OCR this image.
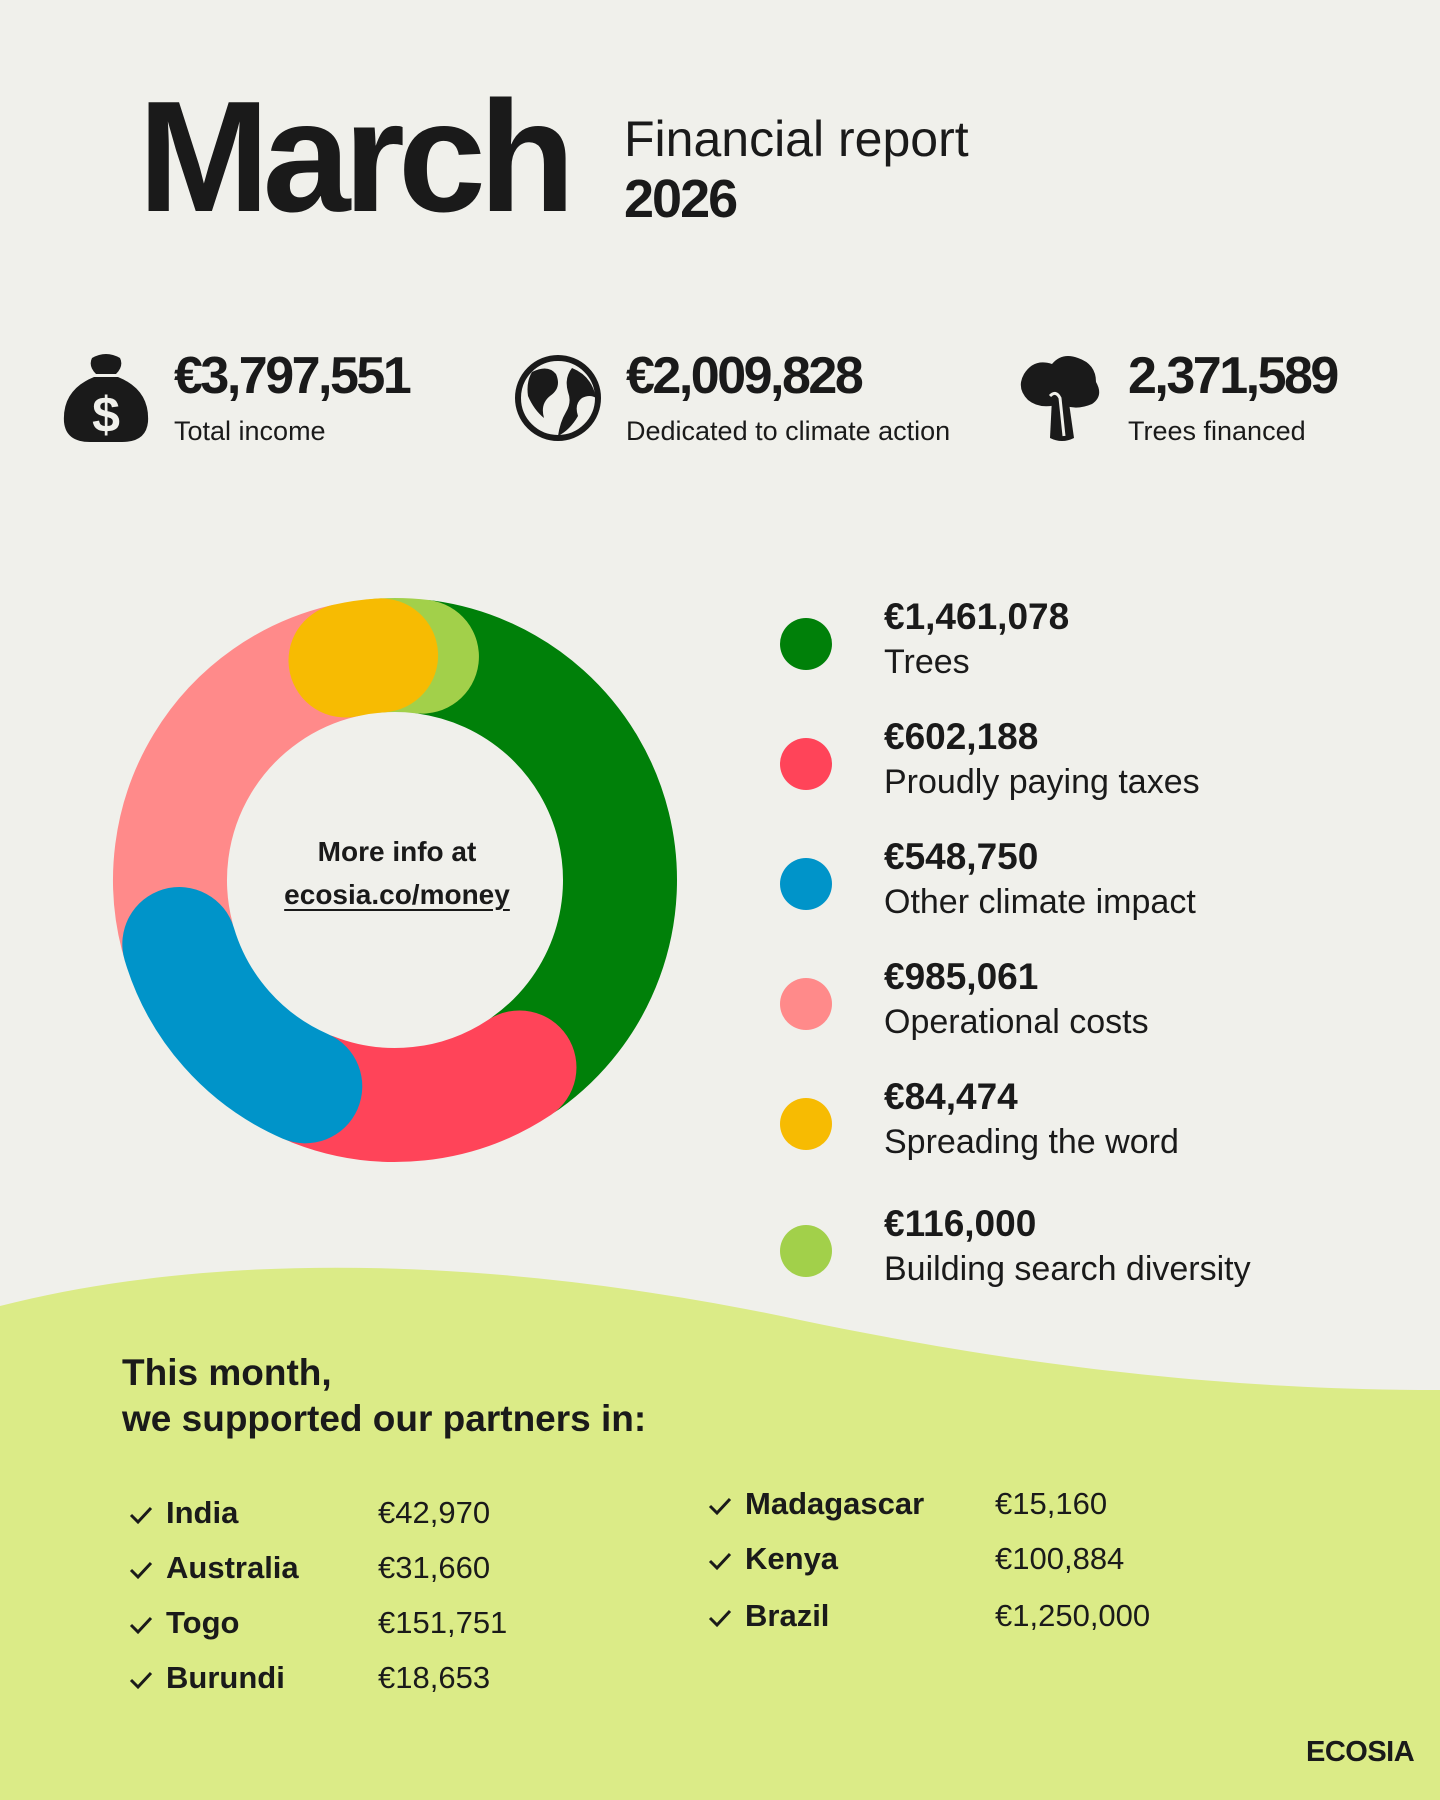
March Financial report
2026
$
€3,797,551
Total income
€2,009,828
Dedicated to climate action
2,371,589
Trees financed
More info at
ecosia.co/money
€1,461,078
Trees
€602,188
Proudly paying taxes
€548,750
Other climate impact
€985,061
Operational costs
€84,474
Spreading the word
€116,000
Building search diversity
This month,
we supported our partners in:
India	€42,970
Australia	€31,660
Togo	€151,751
Burundi	€18,653
Madagascar €15,160
Kenya	€100,884
Brazil	€1,250,000
ECOSIA
